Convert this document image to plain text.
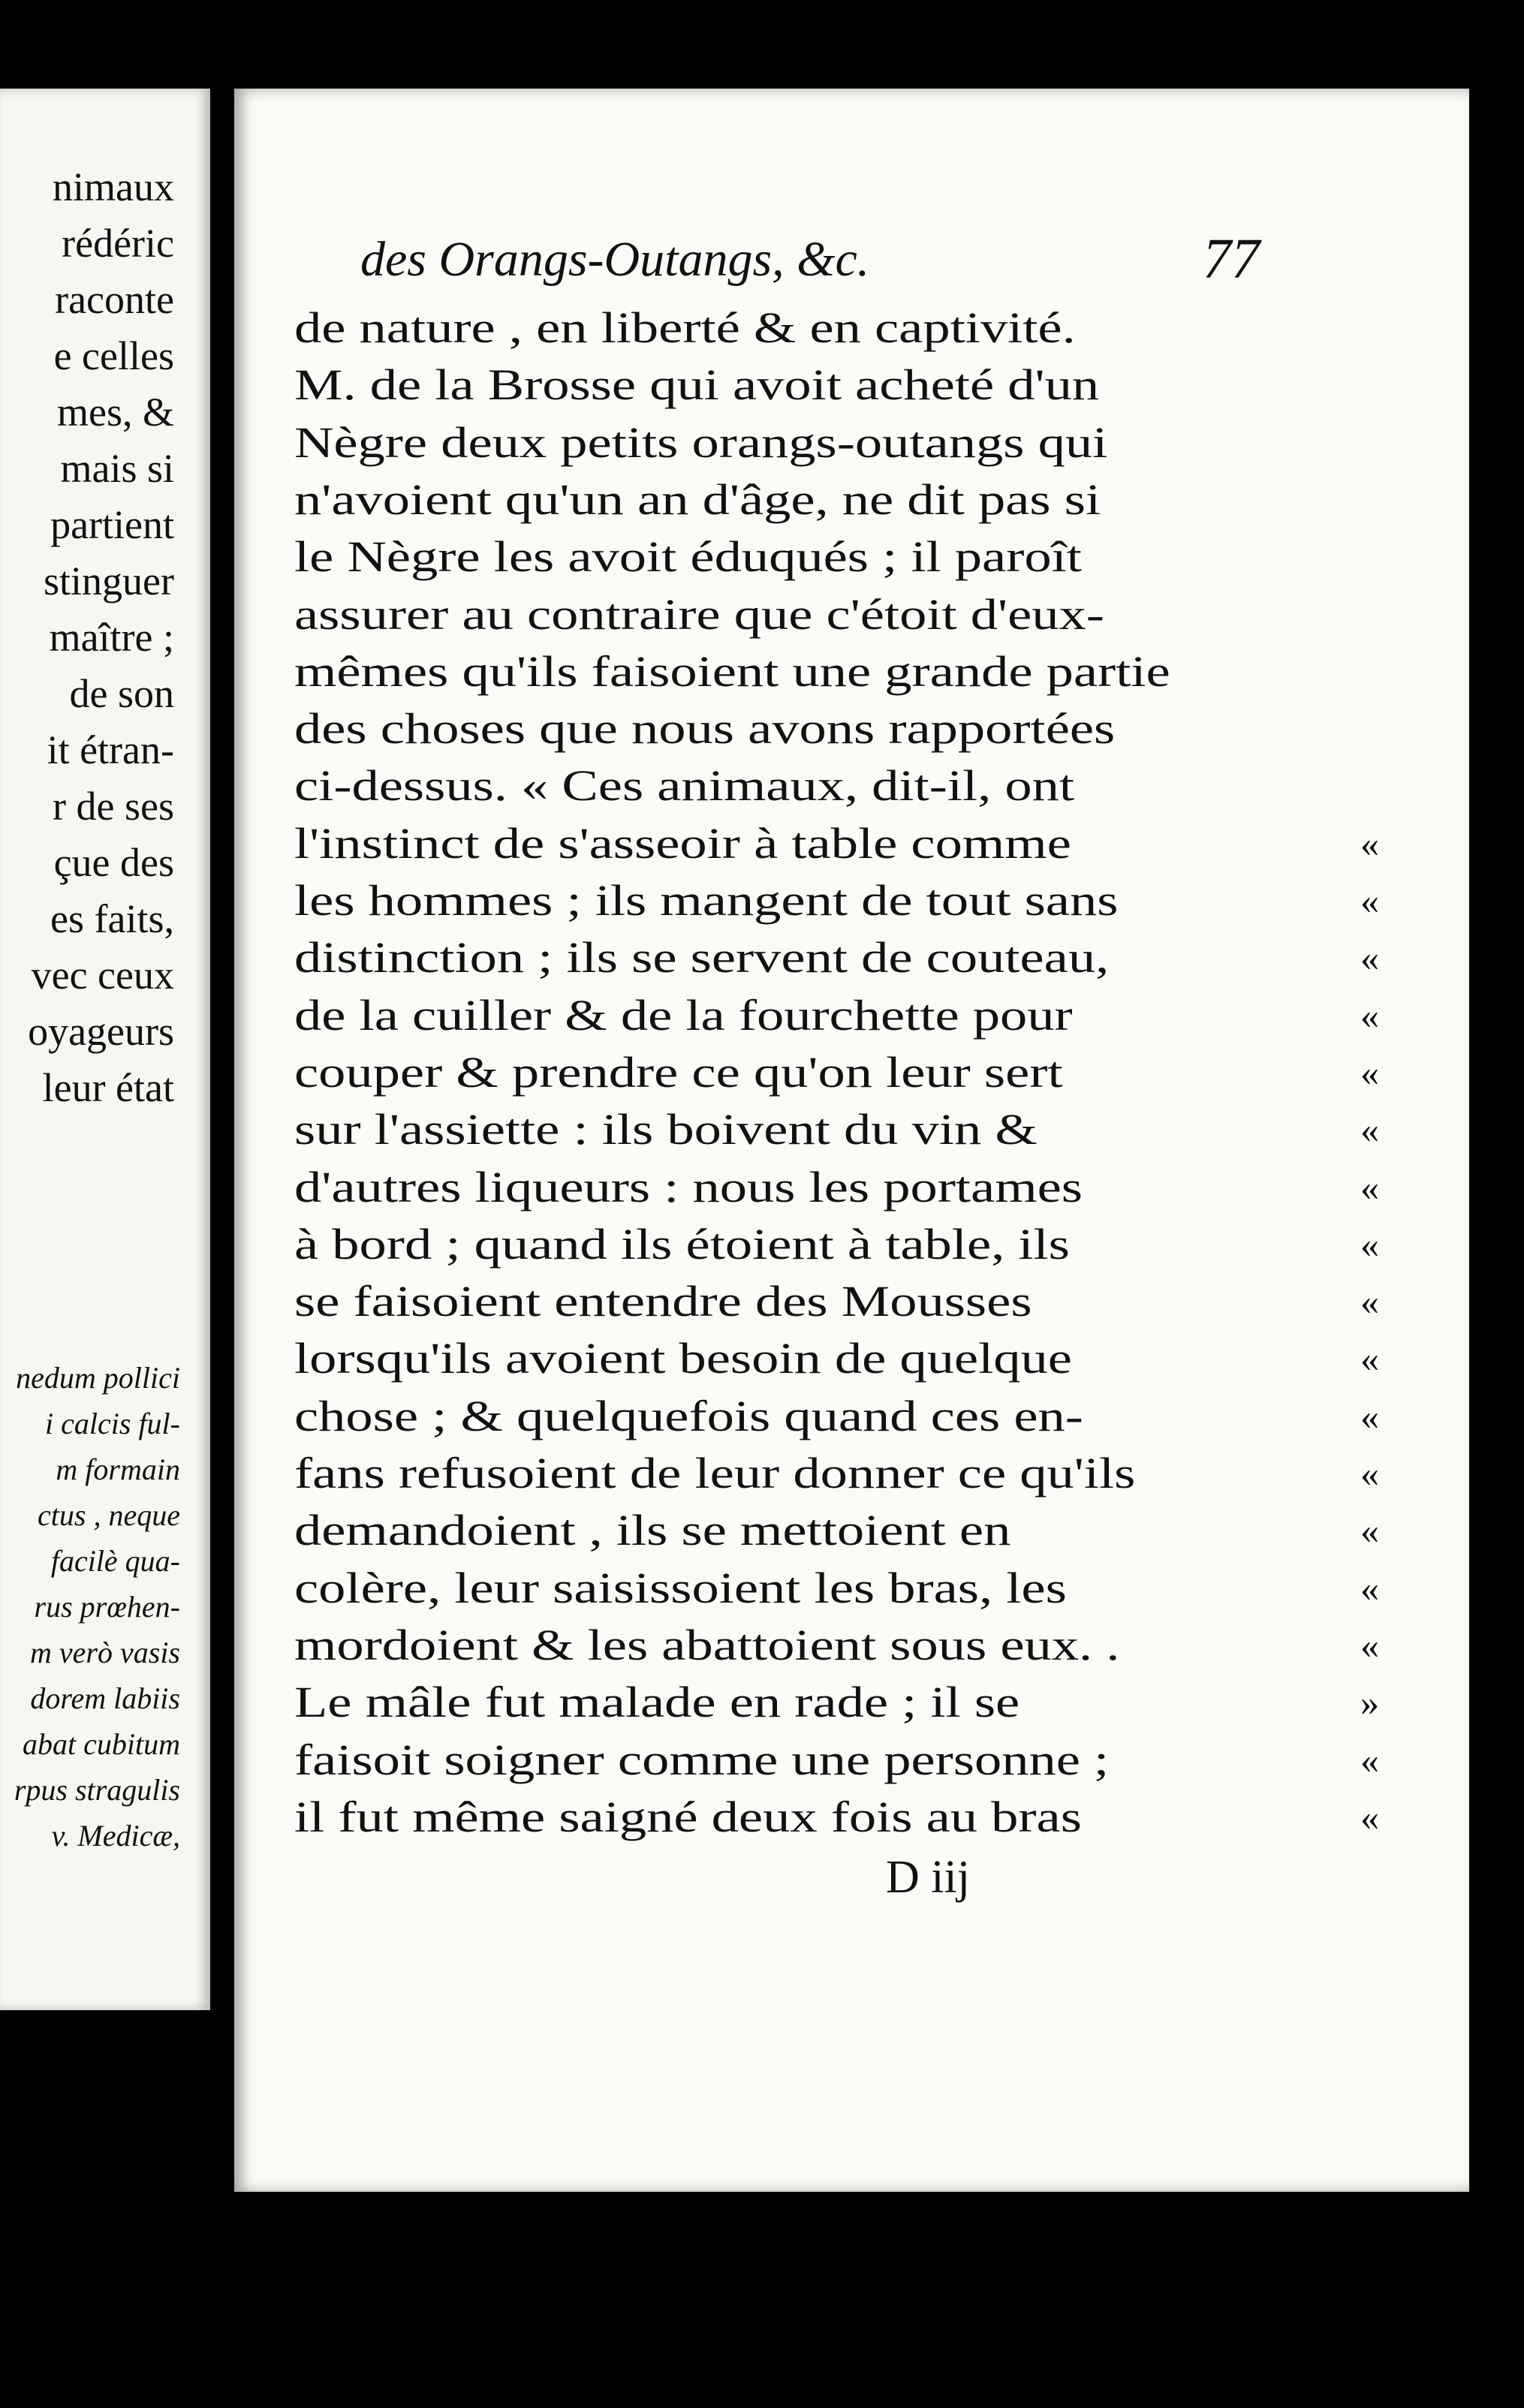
nimaux
rédéric
raconte
e celles
mes, &
mais si
partient
stinguer
maître ;
de son
it étran-
r de ses
çue des
es faits,
vec ceux
oyageurs
leur état
nedum pollici
i calcis ful-
m formain
ctus , neque
facilè qua-
rus prœhen-
m verò vasis
dorem labiis
abat cubitum
rpus stragulis
v. Medicæ,
des Orangs-Outangs, &c.	77
de nature , en liberté & en captivité.
M. de la Brosse qui avoit acheté d'un
Nègre deux petits orangs-outangs qui
n'avoient qu'un an d'âge, ne dit pas si
le Nègre les avoit éduqués ; il paroît
assurer au contraire que c'étoit d'eux-
mêmes qu'ils faisoient une grande partie
des choses que nous avons rapportées
ci-dessus. « Ces animaux, dit-il, ont
l'instinct de s'asseoir à table comme	«
les hommes ; ils mangent de tout sans	«
distinction ; ils se servent de couteau,	«
de la cuiller & de la fourchette pour	«
couper & prendre ce qu'on leur sert	«
sur l'assiette : ils boivent du vin &	«
d'autres liqueurs : nous les portames	«
à bord ; quand ils étoient à table, ils	«
se faisoient entendre des Mousses	«
lorsqu'ils avoient besoin de quelque	«
chose ; & quelquefois quand ces en-	«
fans refusoient de leur donner ce qu'ils	«
demandoient , ils se mettoient en	«
colère, leur saisissoient les bras, les	«
mordoient & les abattoient sous eux. .	«
Le mâle fut malade en rade ; il se	»
faisoit soigner comme une personne ;	«
il fut même saigné deux fois au bras	«
D iij
